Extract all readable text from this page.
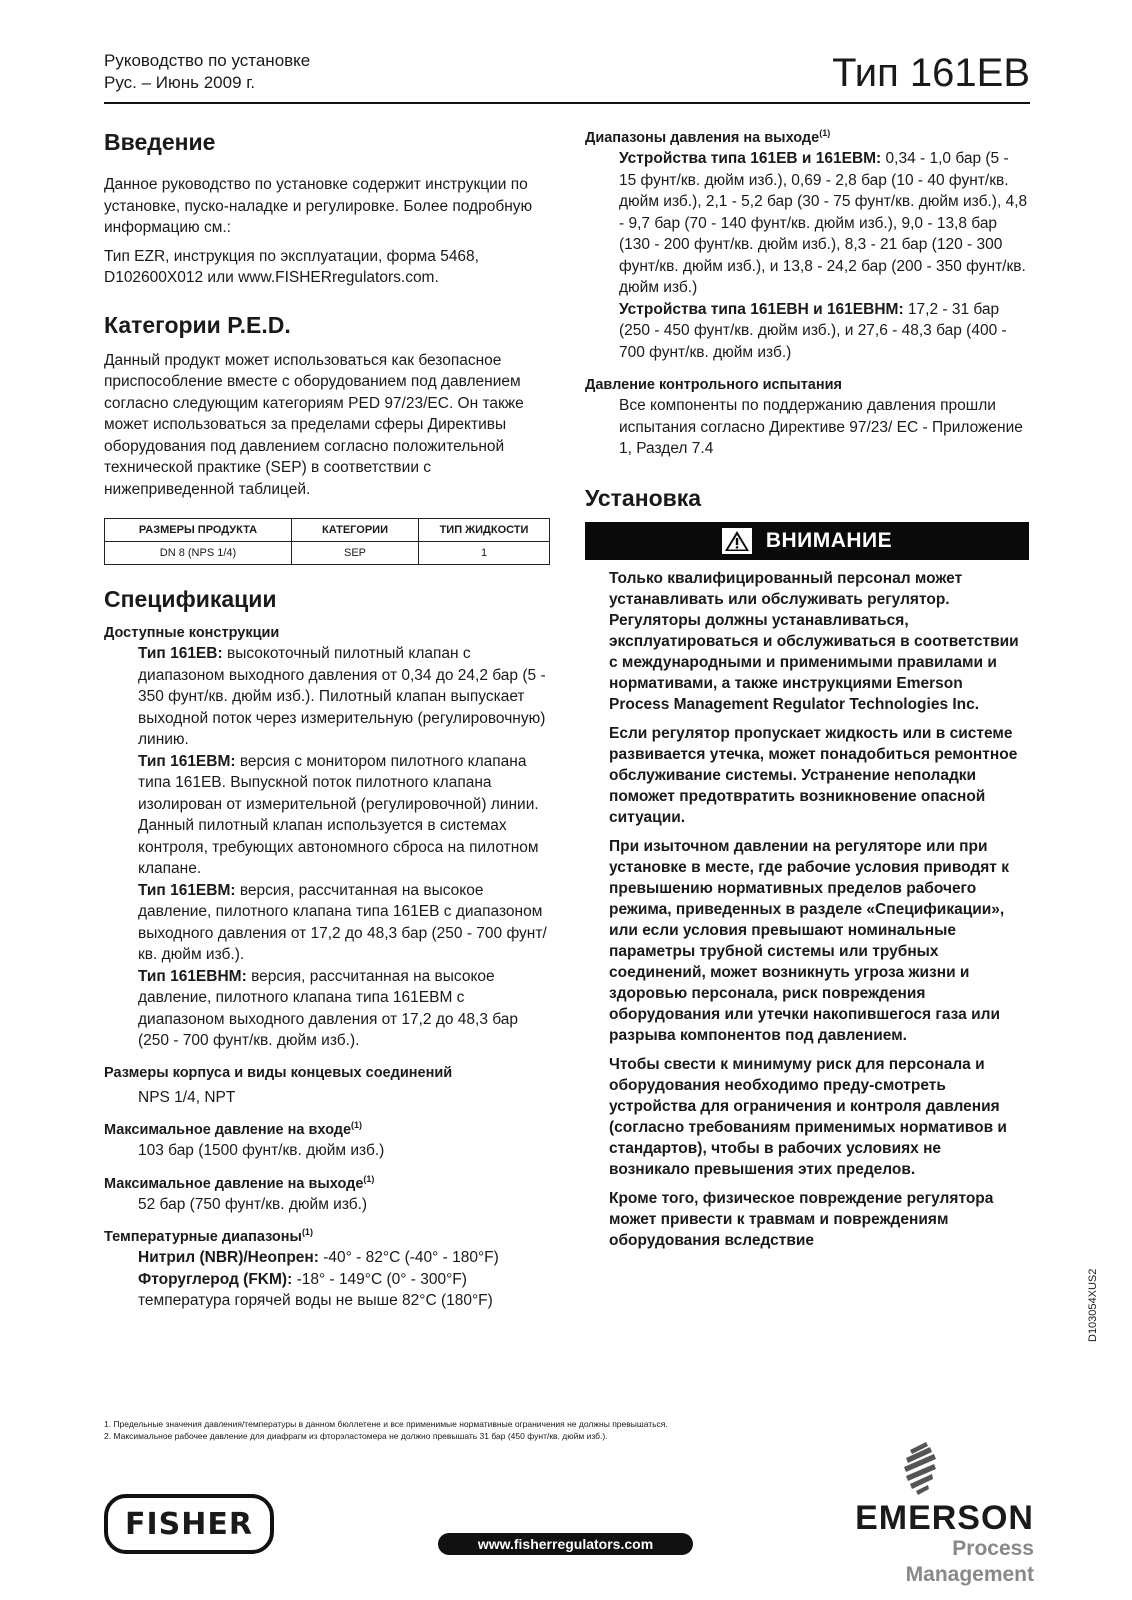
Руководство по установке
Рус. – Июнь 2009 г.	Тип 161EB
Введение

Данное руководство по установке содержит инструкции по установке, пуско-наладке и регулировке. Более подробную информацию см.:

Тип EZR, инструкция по эксплуатации, форма 5468, D102600X012 или www.FISHERregulators.com.

Категории P.E.D.

Данный продукт может использоваться как безопасное приспособление вместе с оборудованием под давлением согласно следующим категориям PED 97/23/EC. Он также может использоваться за пределами сферы Директивы оборудования под давлением согласно положительной технической практике (SEP) в соответствии с нижеприведенной таблицей.

РАЗМЕРЫ ПРОДУКТА	КАТЕГОРИИ	ТИП ЖИДКОСТИ
DN 8 (NPS 1/4)	SEP	1
Спецификации
Доступные конструкции

Тип 161EB: высокоточный пилотный клапан с диапазоном выходного давления от 0,34 до 24,2 бар (5 - 350 фунт/кв. дюйм изб.). Пилотный клапан выпускает выходной поток через измерительную (регулировочную) линию.

Тип 161EBM: версия с монитором пилотного клапана типа 161EB. Выпускной поток пилотного клапана изолирован от измерительной (регулировочной) линии. Данный пилотный клапан используется в системах контроля, требующих автономного сброса на пилотном клапане.

Тип 161EBM: версия, рассчитанная на высокое давление, пилотного клапана типа 161EB с диапазоном выходного давления от 17,2 до 48,3 бар (250 - 700 фунт/кв. дюйм изб.).

Тип 161EBHM: версия, рассчитанная на высокое давление, пилотного клапана типа 161EBM с диапазоном выходного давления от 17,2 до 48,3 бар (250 - 700 фунт/кв. дюйм изб.).

Размеры корпуса и виды концевых соединений

NPS 1/4, NPT

Максимальное давление на входе$^{(1)}$

103 бар (1500 фунт/кв. дюйм изб.)

Максимальное давление на выходе$^{(1)}$

52 бар (750 фунт/кв. дюйм изб.)

Температурные диапазоны$^{(1)}$

Нитрил (NBR)/Неопрен: -40° - 82°C (-40° - 180°F)

Фторуглерод (FKM): -18° - 149°C (0° - 300°F)

температура горячей воды не выше 82°C (180°F)

Диапазоны давления на выходе$^{(1)}$

Устройства типа 161EB и 161EBM: 0,34 - 1,0 бар (5 - 15 фунт/кв. дюйм изб.), 0,69 - 2,8 бар (10 - 40 фунт/кв. дюйм изб.), 2,1 - 5,2 бар (30 - 75 фунт/кв. дюйм изб.), 4,8 - 9,7 бар (70 - 140 фунт/кв. дюйм изб.), 9,0 - 13,8 бар (130 - 200 фунт/кв. дюйм изб.), 8,3 - 21 бар (120 - 300 фунт/кв. дюйм изб.), и 13,8 - 24,2 бар (200 - 350 фунт/кв. дюйм изб.)

Устройства типа 161EBH и 161EBHM: 17,2 - 31 бар (250 - 450 фунт/кв. дюйм изб.), и 27,6 - 48,3 бар (400 - 700 фунт/кв. дюйм изб.)

Давление контрольного испытания

Все компоненты по поддержанию давления прошли испытания согласно Директиве 97/23/ EC - Приложение 1, Раздел 7.4

Установка
ВНИМАНИЕ

Только квалифицированный персонал может устанавливать или обслуживать регулятор. Регуляторы должны устанавливаться, эксплуатироваться и обслуживаться в соответствии с международными и применимыми правилами и нормативами, а также инструкциями Emerson Process Management Regulator Technologies Inc.

Если регулятор пропускает жидкость или в системе развивается утечка, может понадобиться ремонтное обслуживание системы. Устранение неполадки поможет предотвратить возникновение опасной ситуации.

При изыточном давлении на регуляторе или при установке в месте, где рабочие условия приводят к превышению нормативных пределов рабочего режима, приведенных в разделе «Спецификации», или если условия превышают номинальные параметры трубной системы или трубных соединений, может возникнуть угроза жизни и здоровью персонала, риск повреждения оборудования или утечки накопившегося газа или разрыва компонентов под давлением.

Чтобы свести к минимуму риск для персонала и оборудования необходимо преду-смотреть устройства для ограничения и контроля давления (согласно требованиям применимых нормативов и стандартов), чтобы в рабочих условиях не возникало превышения этих пределов.

Кроме того, физическое повреждение регулятора может привести к травмам и повреждениям оборудования вследствие

1. Предельные значения давления/температуры в данном бюллетене и все применимые нормативные ограничения не должны превышаться.
2. Максимальное рабочее давление для диафрагм из фторэластомера не должно превышать 31 бар (450 фунт/кв. дюйм изб.).
D103054XUS2
FISHER
www.fisherregulators.com
EMERSON
Process Management
